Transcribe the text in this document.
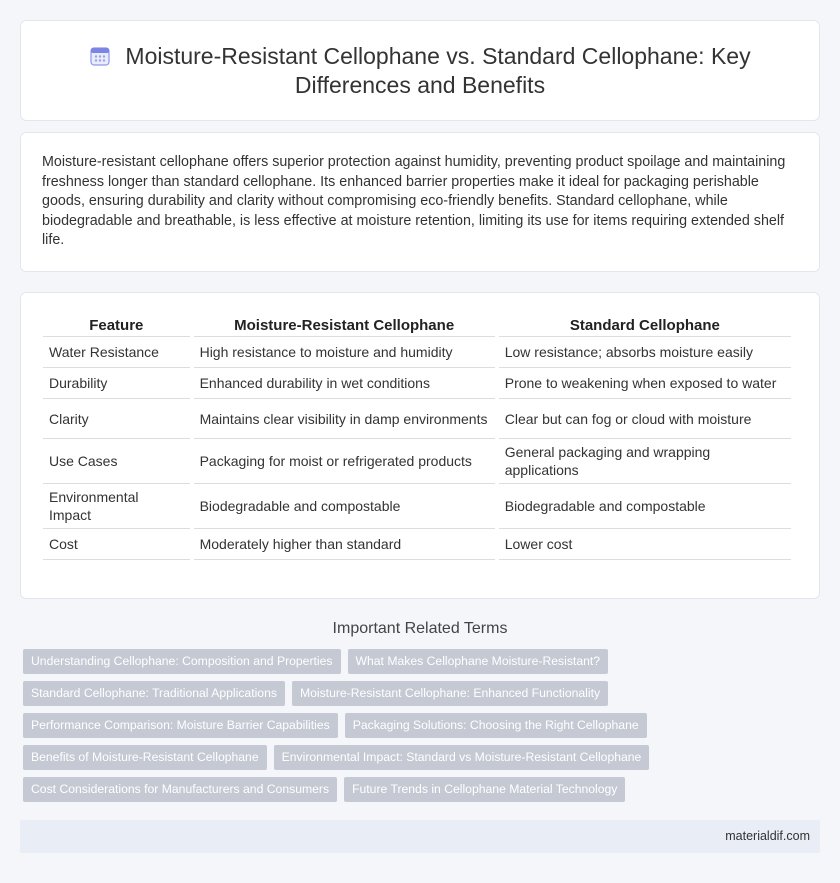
Moisture-Resistant Cellophane vs. Standard Cellophane: Key Differences and Benefits

Moisture-resistant cellophane offers superior protection against humidity, preventing product spoilage and maintaining freshness longer than standard cellophane. Its enhanced barrier properties make it ideal for packaging perishable goods, ensuring durability and clarity without compromising eco-friendly benefits. Standard cellophane, while biodegradable and breathable, is less effective at moisture retention, limiting its use for items requiring extended shelf life.

Feature	Moisture-Resistant Cellophane	Standard Cellophane
Water Resistance	High resistance to moisture and humidity	Low resistance; absorbs moisture easily
Durability	Enhanced durability in wet conditions	Prone to weakening when exposed to water
Clarity	Maintains clear visibility in damp environments	Clear but can fog or cloud with moisture
Use Cases	Packaging for moist or refrigerated products	General packaging and wrapping applications
Environmental Impact	Biodegradable and compostable	Biodegradable and compostable
Cost	Moderately higher than standard	Lower cost
Important Related Terms
Understanding Cellophane: Composition and Properties	What Makes Cellophane Moisture-Resistant?
Standard Cellophane: Traditional Applications	Moisture-Resistant Cellophane: Enhanced Functionality
Performance Comparison: Moisture Barrier Capabilities	Packaging Solutions: Choosing the Right Cellophane
Benefits of Moisture-Resistant Cellophane	Environmental Impact: Standard vs Moisture-Resistant Cellophane
Cost Considerations for Manufacturers and Consumers	Future Trends in Cellophane Material Technology
materialdif.com
